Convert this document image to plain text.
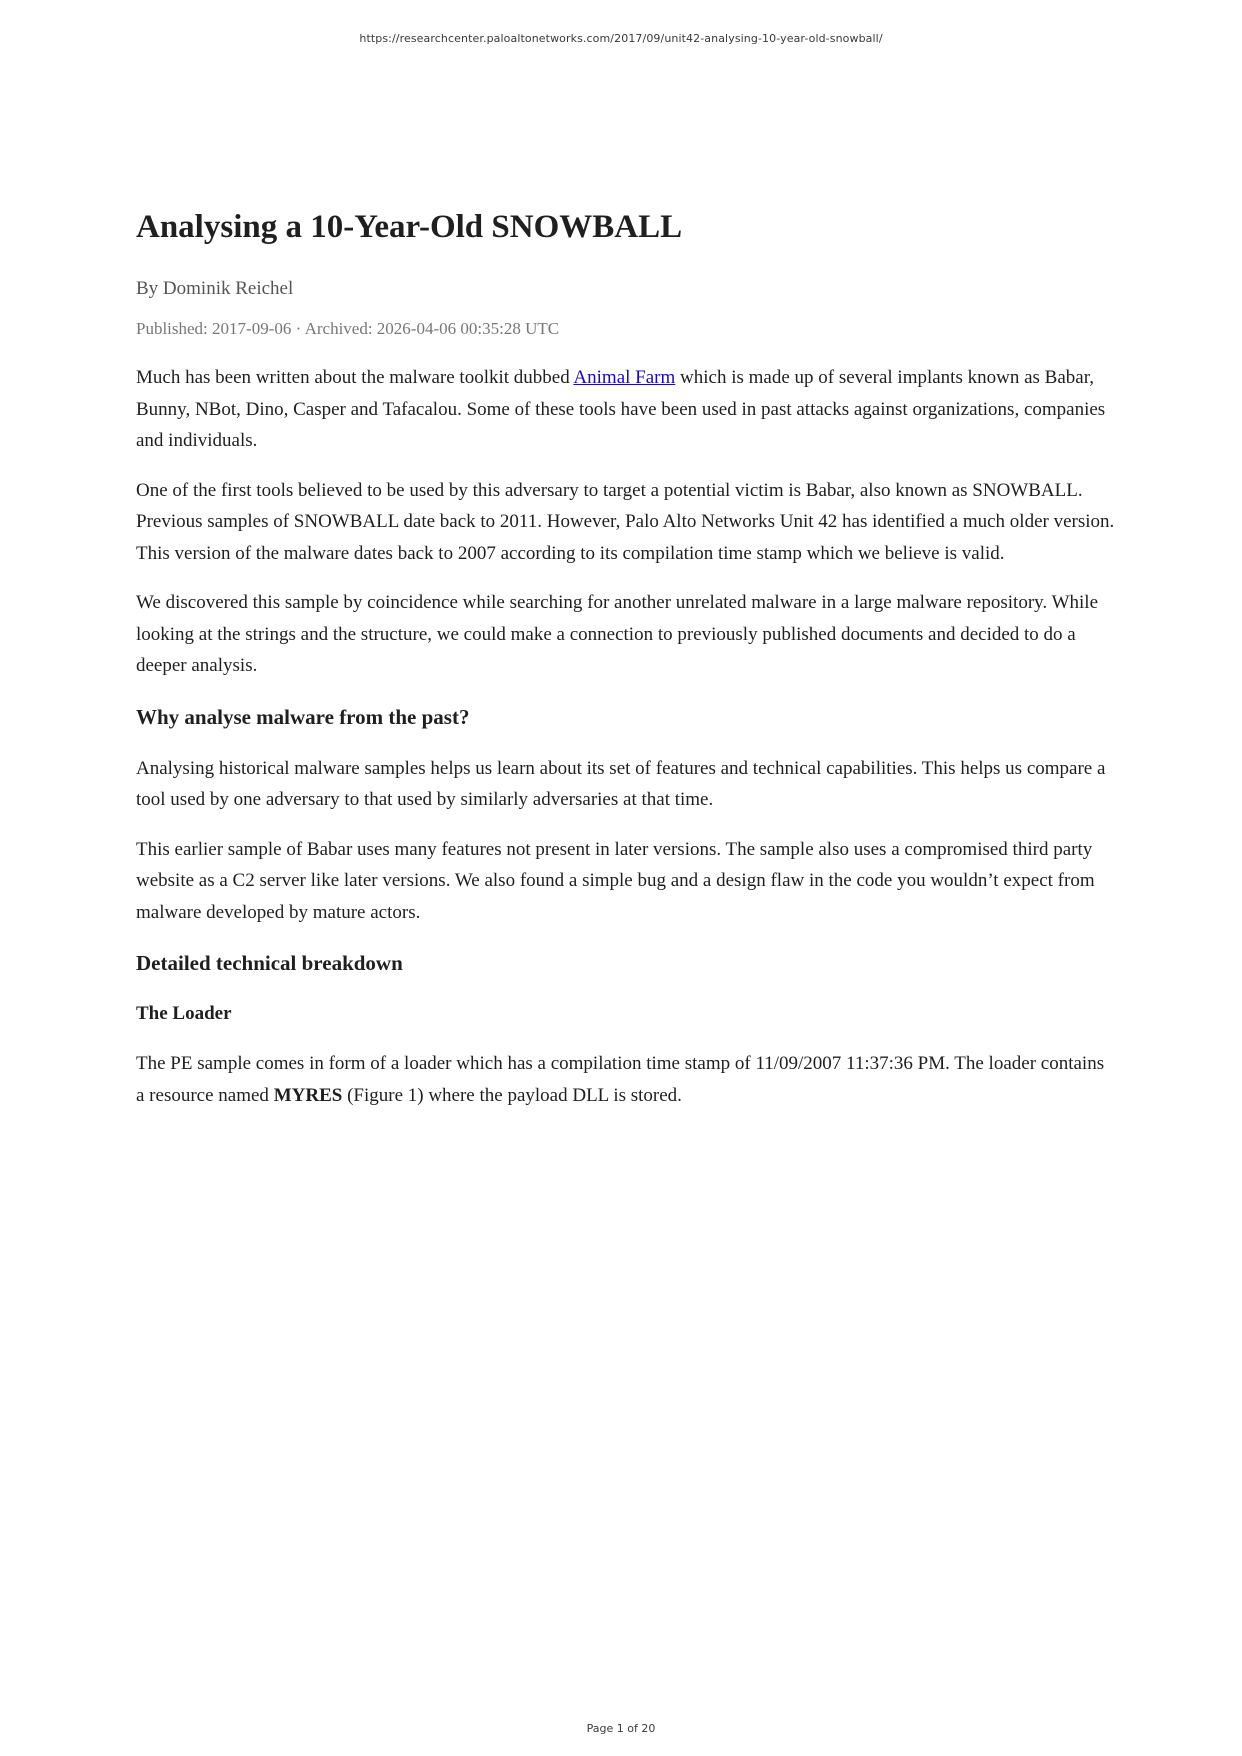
https://researchcenter.paloaltonetworks.com/2017/09/unit42-analysing-10-year-old-snowball/
Analysing a 10-Year-Old SNOWBALL
By Dominik Reichel
Published: 2017-09-06 · Archived: 2026-04-06 00:35:28 UTC

Much has been written about the malware toolkit dubbed Animal Farm which is made up of several implants known as Babar, Bunny, NBot, Dino, Casper and Tafacalou. Some of these tools have been used in past attacks against organizations, companies and individuals.

One of the first tools believed to be used by this adversary to target a potential victim is Babar, also known as SNOWBALL. Previous samples of SNOWBALL date back to 2011. However, Palo Alto Networks Unit 42 has identified a much older version. This version of the malware dates back to 2007 according to its compilation time stamp which we believe is valid.

We discovered this sample by coincidence while searching for another unrelated malware in a large malware repository. While looking at the strings and the structure, we could make a connection to previously published documents and decided to do a deeper analysis.

Why analyse malware from the past?

Analysing historical malware samples helps us learn about its set of features and technical capabilities. This helps us compare a tool used by one adversary to that used by similarly adversaries at that time.

This earlier sample of Babar uses many features not present in later versions. The sample also uses a compromised third party website as a C2 server like later versions. We also found a simple bug and a design flaw in the code you wouldn’t expect from malware developed by mature actors.

Detailed technical breakdown
The Loader

The PE sample comes in form of a loader which has a compilation time stamp of 11/09/2007 11:37:36 PM. The loader contains a resource named MYRES (Figure 1) where the payload DLL is stored.

Page 1 of 20
